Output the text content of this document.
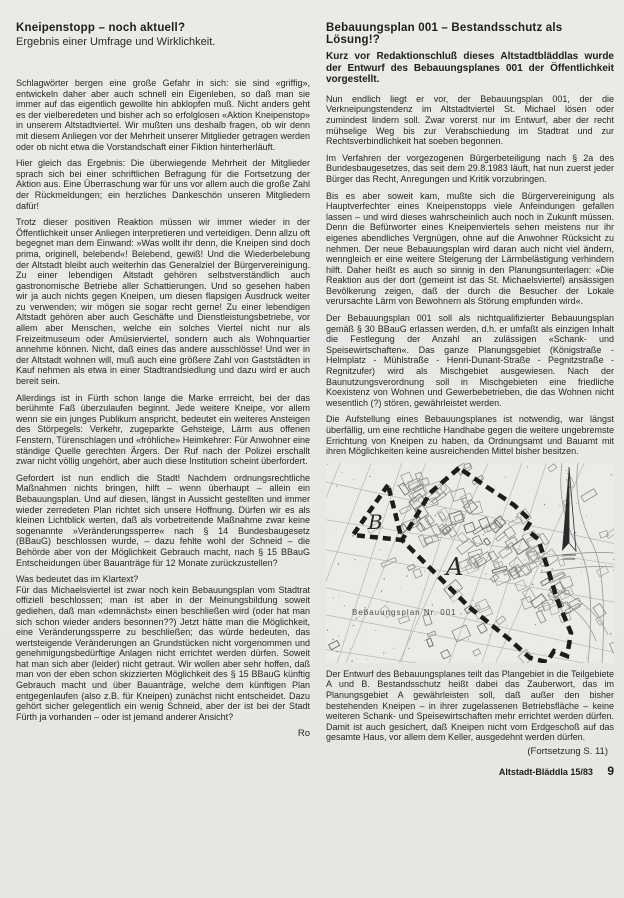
Kneipenstopp – noch aktuell?
Ergebnis einer Umfrage und Wirklichkeit.

Schlagwörter bergen eine große Gefahr in sich: sie sind «griffig», entwickeln daher aber auch schnell ein Eigenleben, so daß man sie immer auf das eigentlich gewollte hin abklopfen muß. Nicht anders geht es der vielberedeten und bisher ach so erfolglosen «Aktion Kneipenstop» in unserem Altstadtviertel. Wir mußten uns deshalb fragen, ob wir denn mit diesem Anliegen vor der Mehrheit unserer Mitglieder getragen werden oder ob nicht etwa die Vorstandschaft einer Fiktion hinterherläuft.

Hier gleich das Ergebnis: Die überwiegende Mehrheit der Mitglieder sprach sich bei einer schriftlichen Befragung für die Fortsetzung der Aktion aus. Eine Überraschung war für uns vor allem auch die große Zahl der Rückmeldungen; ein herzliches Dankeschön unseren Mitgliedern dafür!

Trotz dieser positiven Reaktion müssen wir immer wieder in der Öffentlichkeit unser Anliegen interpretieren und verteidigen. Denn allzu oft begegnet man dem Einwand: »Was wollt ihr denn, die Kneipen sind doch prima, originell, belebend«! Belebend, gewiß! Und die Wiederbelebung der Altstadt bleibt auch weiterhin das Generalziel der Bürgervereinigung. Zu einer lebendigen Altstadt gehören selbstverständlich auch gastronomische Betriebe aller Schattierungen. Und so gesehen haben wir ja auch nichts gegen Kneipen, um diesen flapsigen Ausdruck weiter zu verwenden; wir mögen sie sogar recht gerne! Zu einer lebendigen Altstadt gehören aber auch Geschäfte und Dienstleistungsbetriebe, vor allem aber Menschen, welche ein solches Viertel nicht nur als Freizeitmuseum oder Amüsierviertel, sondern auch als Wohnquartier annehme können. Nicht, daß eines das andere ausschlösse! Und wer in der Altstadt wohnen will, muß auch eine größere Zahl von Gaststädten in Kauf nehmen als etwa in einer Stadtrandsiedlung und dazu wird er auch bereit sein.

Allerdings ist in Fürth schon lange die Marke errreicht, bei der das berühmte Faß überzulaufen beginnt. Jede weitere Kneipe, vor allem wenn sie ein junges Publikum anspricht, bedeutet ein weiteres Ansteigen des Störpegels: Verkehr, zugeparkte Gehsteige, Lärm aus offenen Fenstern, Türenschlagen und «fröhliche» Heimkehrer: Für Anwohner eine ständige Quelle gerechten Ärgers. Der Ruf nach der Polizei erschallt zwar nicht völlig ungehört, aber auch diese Institution scheint überfordert.

Gefordert ist nun endlich die Stadt! Nachdem ordnungsrechtliche Maßnahmen nichts bringen, hilft – wenn überhaupt – allein ein Bebauungsplan. Und auf diesen, längst in Aussicht gestellten und immer wieder zerredeten Plan richtet sich unsere Hoffnung. Dürfen wir es als kleinen Lichtblick werten, daß als vorbetreitende Maßnahme zwar keine sogenannte »Veränderungssperre« nach § 14 Bundesbaugesetz (BBauG) beschlossen wurde, – dazu fehlte wohl der Schneid – die Behörde aber von der Möglichkeit Gebrauch macht, nach § 15 BBauG Entscheidungen über Bauanträge für 12 Monate zurückzustellen?

Was bedeutet das im Klartext?

Für das Michaelsviertel ist zwar noch kein Bebauungsplan vom Stadtrat offiziell beschlossen; man ist aber in der Meinungsbildung soweit gediehen, daß man «demnächst» einen beschließen wird (oder hat man sich schon wieder anders besonnen??) Jetzt hätte man die Möglichkeit, eine Veränderungssperre zu beschließen; das würde bedeuten, das wertsteigende Veränderungen an Grundstücken nicht vorgenommen und genehmigungsbedürftige Anlagen nicht errichtet werden dürfen. Soweit hat man sich aber (leider) nicht getraut. Wir wollen aber sehr hoffen, daß man von der eben schon skizzierten Möglichkeit des § 15 BBauG künftig Gebrauch macht und über Bauanträge, welche dem künftigen Plan entgegenlaufen (also z.B. für Kneipen) zunächst nicht entscheidet. Dazu gehört sicher gelegentlich ein wenig Schneid, aber der ist bei der Stadt Fürth ja vorhanden – oder ist jemand anderer Ansicht?

Ro
Bebauungsplan 001 – Bestandsschutz als Lösung!?
Kurz vor Redaktionschluß dieses Altstadtbläddlas wurde der Entwurf des Bebauungsplanes 001 der Öffentlichkeit vorgestellt.

Nun endlich liegt er vor, der Bebauungsplan 001, der die Verkneipungstendenz im Altstadtviertel St. Michael lösen oder zumindest lindern soll. Zwar vorerst nur im Entwurf, aber der recht mühselige Weg bis zur Verabschiedung im Stadtrat und zur Rechtsverbindlichkeit hat soeben begonnen.

Im Verfahren der vorgezogenen Bürgerbeteiligung nach § 2a des Bundesbaugesetzes, das seit dem 29.8.1983 läuft, hat nun zuerst jeder Bürger das Recht, Anregungen und Kritik vorzubringen.

Bis es aber soweit kam, mußte sich die Bürgervereinigung als Hauptverfechter eines Kneipenstopps viele Anfeindungen gefallen lassen – und wird dieses wahrscheinlich auch noch in Zukunft müssen. Denn die Befürworter eines Kneipenviertels sehen meistens nur ihr eigenes abendliches Vergnügen, ohne auf die Anwohner Rücksicht zu nehmen. Der neue Bebauungsplan wird daran auch nicht viel ändern, wenngleich er eine weitere Steigerung der Lärmbelästigung verhindern hilft. Daher heißt es auch so sinnig in den Planungsunterlagen: «Die Reaktion aus der dort (gemeint ist das St. Michaelsviertel) ansässigen Bevölkerung zeigen, daß der durch die Besucher der Lokale verursachte Lärm von Bewohnern als Störung empfunden wird«.

Der Bebauungsplan 001 soll als nichtqualifizierter Bebauungsplan gemäß § 30 BBauG erlassen werden, d.h. er umfaßt als einzigen Inhalt die Festlegung der Anzahl an zulässigen «Schank- und Speisewirtschaften«. Das ganze Planungsgebiet (Königstraße - Helmplatz - Mühlstraße - Henri-Dunant-Straße - Pegnitzstraße - Regnitzufer) wird als Mischgebiet ausgewiesen. Nach der Baunutzungsverordnung soll in Mischgebieten eine friedliche Koexistenz von Wohnen und Gewerbebetrieben, die das Wohnen nicht wesentlich (?) stören, gewährleistet werden.

Die Aufstellung eines Bebauungsplanes ist notwendig, war längst überfällig, um eine rechtliche Handhabe gegen die weitere ungebremste Errichtung von Kneipen zu haben, da Ordnungsamt und Bauamt mit ihren Möglichkeiten keine ausreichenden Mittel bisher besitzen.

B
A
Bebauungsplan Nr. 001

Der Entwurf des Bebauungsplanes teilt das Plangebiet in die Teilgebiete A und B. Bestandsschutz heißt dabei das Zauberwort, das im Planungsgebiet A gewährleisten soll, daß außer den bisher bestehenden Kneipen – in ihrer zugelassenen Betriebsfläche – keine weiteren Schank- und Speisewirtschaften mehr errichtet werden dürfen. Damit ist auch gesichert, daß Kneipen nicht vom Erdgeschoß auf das gesamte Haus, vor allem dem Keller, ausgedehnt werden dürfen.

(Fortsetzung S. 11)
Altstadt-Bläddla 15/83 9
